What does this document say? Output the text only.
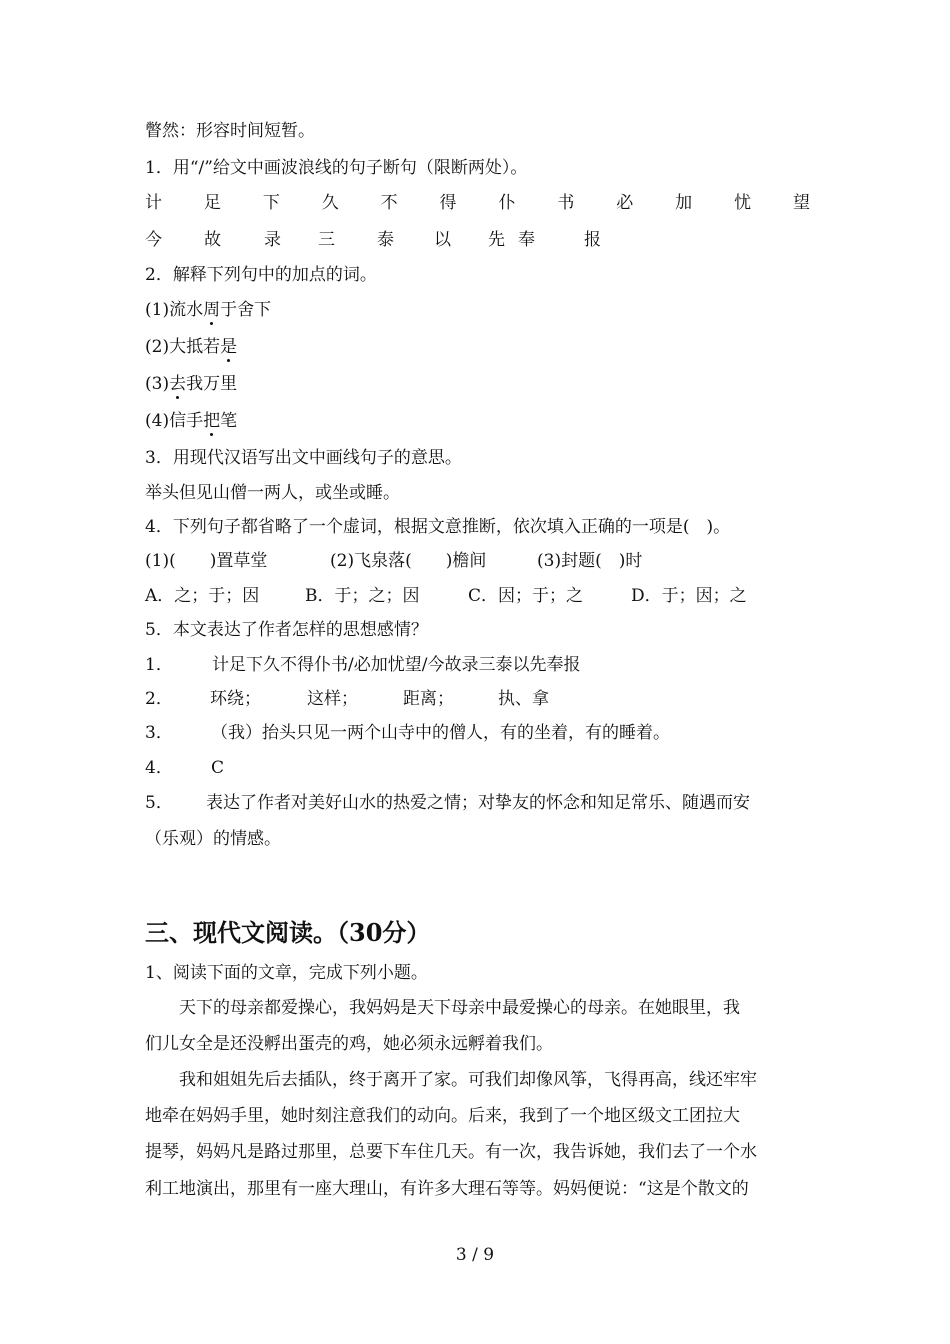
瞥然：形容时间短暂。
1．用“/”给文中画波浪线的句子断句（限断两处）。
计 足 下 久 不 得 仆 书 必 加 忧 望
今 故	录 三 泰 以 先 奉	报
2．解释下列句中的加点的词。
(1)流水周于舍下
(2)大抵若是
(3)去我万里
(4)信手把笔
3．用现代汉语写出文中画线句子的意思。
举头但见山僧一两人，或坐或睡。
4．下列句子都省略了一个虚词，根据文意推断，依次填入正确的一项是(　)。
(1)(　　)置草堂	(2)飞泉落(　　)檐间	(3)封题(　)时
A．之；于；因	B．于；之；因	C．因；于；之	D．于；因；之
5．本文表达了作者怎样的思想感情？
1． 计足下久不得仆书/必加忧望/今故录三泰以先奉报
2． 环绕；	这样；	距离；	执、拿
3． （我）抬头只见一两个山寺中的僧人，有的坐着，有的睡着。
4． C
5． 表达了作者对美好山水的热爱之情；对挚友的怀念和知足常乐、随遇而安
（乐观）的情感。
三、现代文阅读。（30分）
1、阅读下面的文章，完成下列小题。
天下的母亲都爱操心，我妈妈是天下母亲中最爱操心的母亲。在她眼里，我
们儿女全是还没孵出蛋壳的鸡，她必须永远孵着我们。
我和姐姐先后去插队，终于离开了家。可我们却像风筝，飞得再高，线还牢牢
地牵在妈妈手里，她时刻注意我们的动向。后来，我到了一个地区级文工团拉大
提琴，妈妈凡是路过那里，总要下车住几天。有一次，我告诉她，我们去了一个水
利工地演出，那里有一座大理山，有许多大理石等等。妈妈便说：“这是个散文的
3 / 9
